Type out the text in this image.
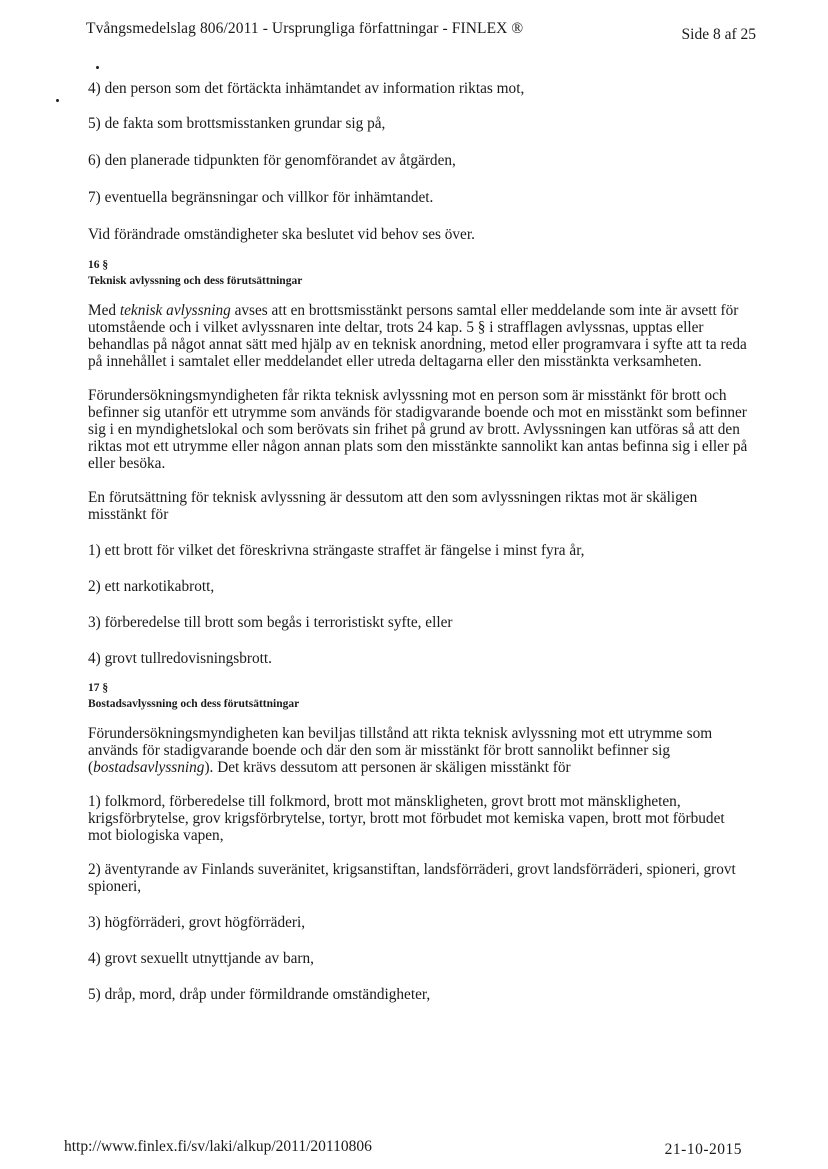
Tvångsmedelslag 806/2011 - Ursprungliga författningar - FINLEX ®	Side 8 af 25

4) den person som det förtäckta inhämtandet av information riktas mot,

5) de fakta som brottsmisstanken grundar sig på,

6) den planerade tidpunkten för genomförandet av åtgärden,

7) eventuella begränsningar och villkor för inhämtandet.

Vid förändrade omständigheter ska beslutet vid behov ses över.

16 §

Teknisk avlyssning och dess förutsättningar

Med teknisk avlyssning avses att en brottsmisstänkt persons samtal eller meddelande som inte är avsett för utomstående och i vilket avlyssnaren inte deltar, trots 24 kap. 5 § i strafflagen avlyssnas, upptas eller behandlas på något annat sätt med hjälp av en teknisk anordning, metod eller programvara i syfte att ta reda på innehållet i samtalet eller meddelandet eller utreda deltagarna eller den misstänkta verksamheten.

Förundersökningsmyndigheten får rikta teknisk avlyssning mot en person som är misstänkt för brott och befinner sig utanför ett utrymme som används för stadigvarande boende och mot en misstänkt som befinner sig i en myndighetslokal och som berövats sin frihet på grund av brott. Avlyssningen kan utföras så att den riktas mot ett utrymme eller någon annan plats som den misstänkte sannolikt kan antas befinna sig i eller på eller besöka.

En förutsättning för teknisk avlyssning är dessutom att den som avlyssningen riktas mot är skäligen misstänkt för

1) ett brott för vilket det föreskrivna strängaste straffet är fängelse i minst fyra år,

2) ett narkotikabrott,

3) förberedelse till brott som begås i terroristiskt syfte, eller

4) grovt tullredovisningsbrott.

17 §

Bostadsavlyssning och dess förutsättningar

Förundersökningsmyndigheten kan beviljas tillstånd att rikta teknisk avlyssning mot ett utrymme som används för stadigvarande boende och där den som är misstänkt för brott sannolikt befinner sig (bostadsavlyssning). Det krävs dessutom att personen är skäligen misstänkt för

1) folkmord, förberedelse till folkmord, brott mot mänskligheten, grovt brott mot mänskligheten, krigsförbrytelse, grov krigsförbrytelse, tortyr, brott mot förbudet mot kemiska vapen, brott mot förbudet mot biologiska vapen,

2) äventyrande av Finlands suveränitet, krigsanstiftan, landsförräderi, grovt landsförräderi, spioneri, grovt spioneri,

3) högförräderi, grovt högförräderi,

4) grovt sexuellt utnyttjande av barn,

5) dråp, mord, dråp under förmildrande omständigheter,

http://www.finlex.fi/sv/laki/alkup/2011/20110806	21-10-2015
